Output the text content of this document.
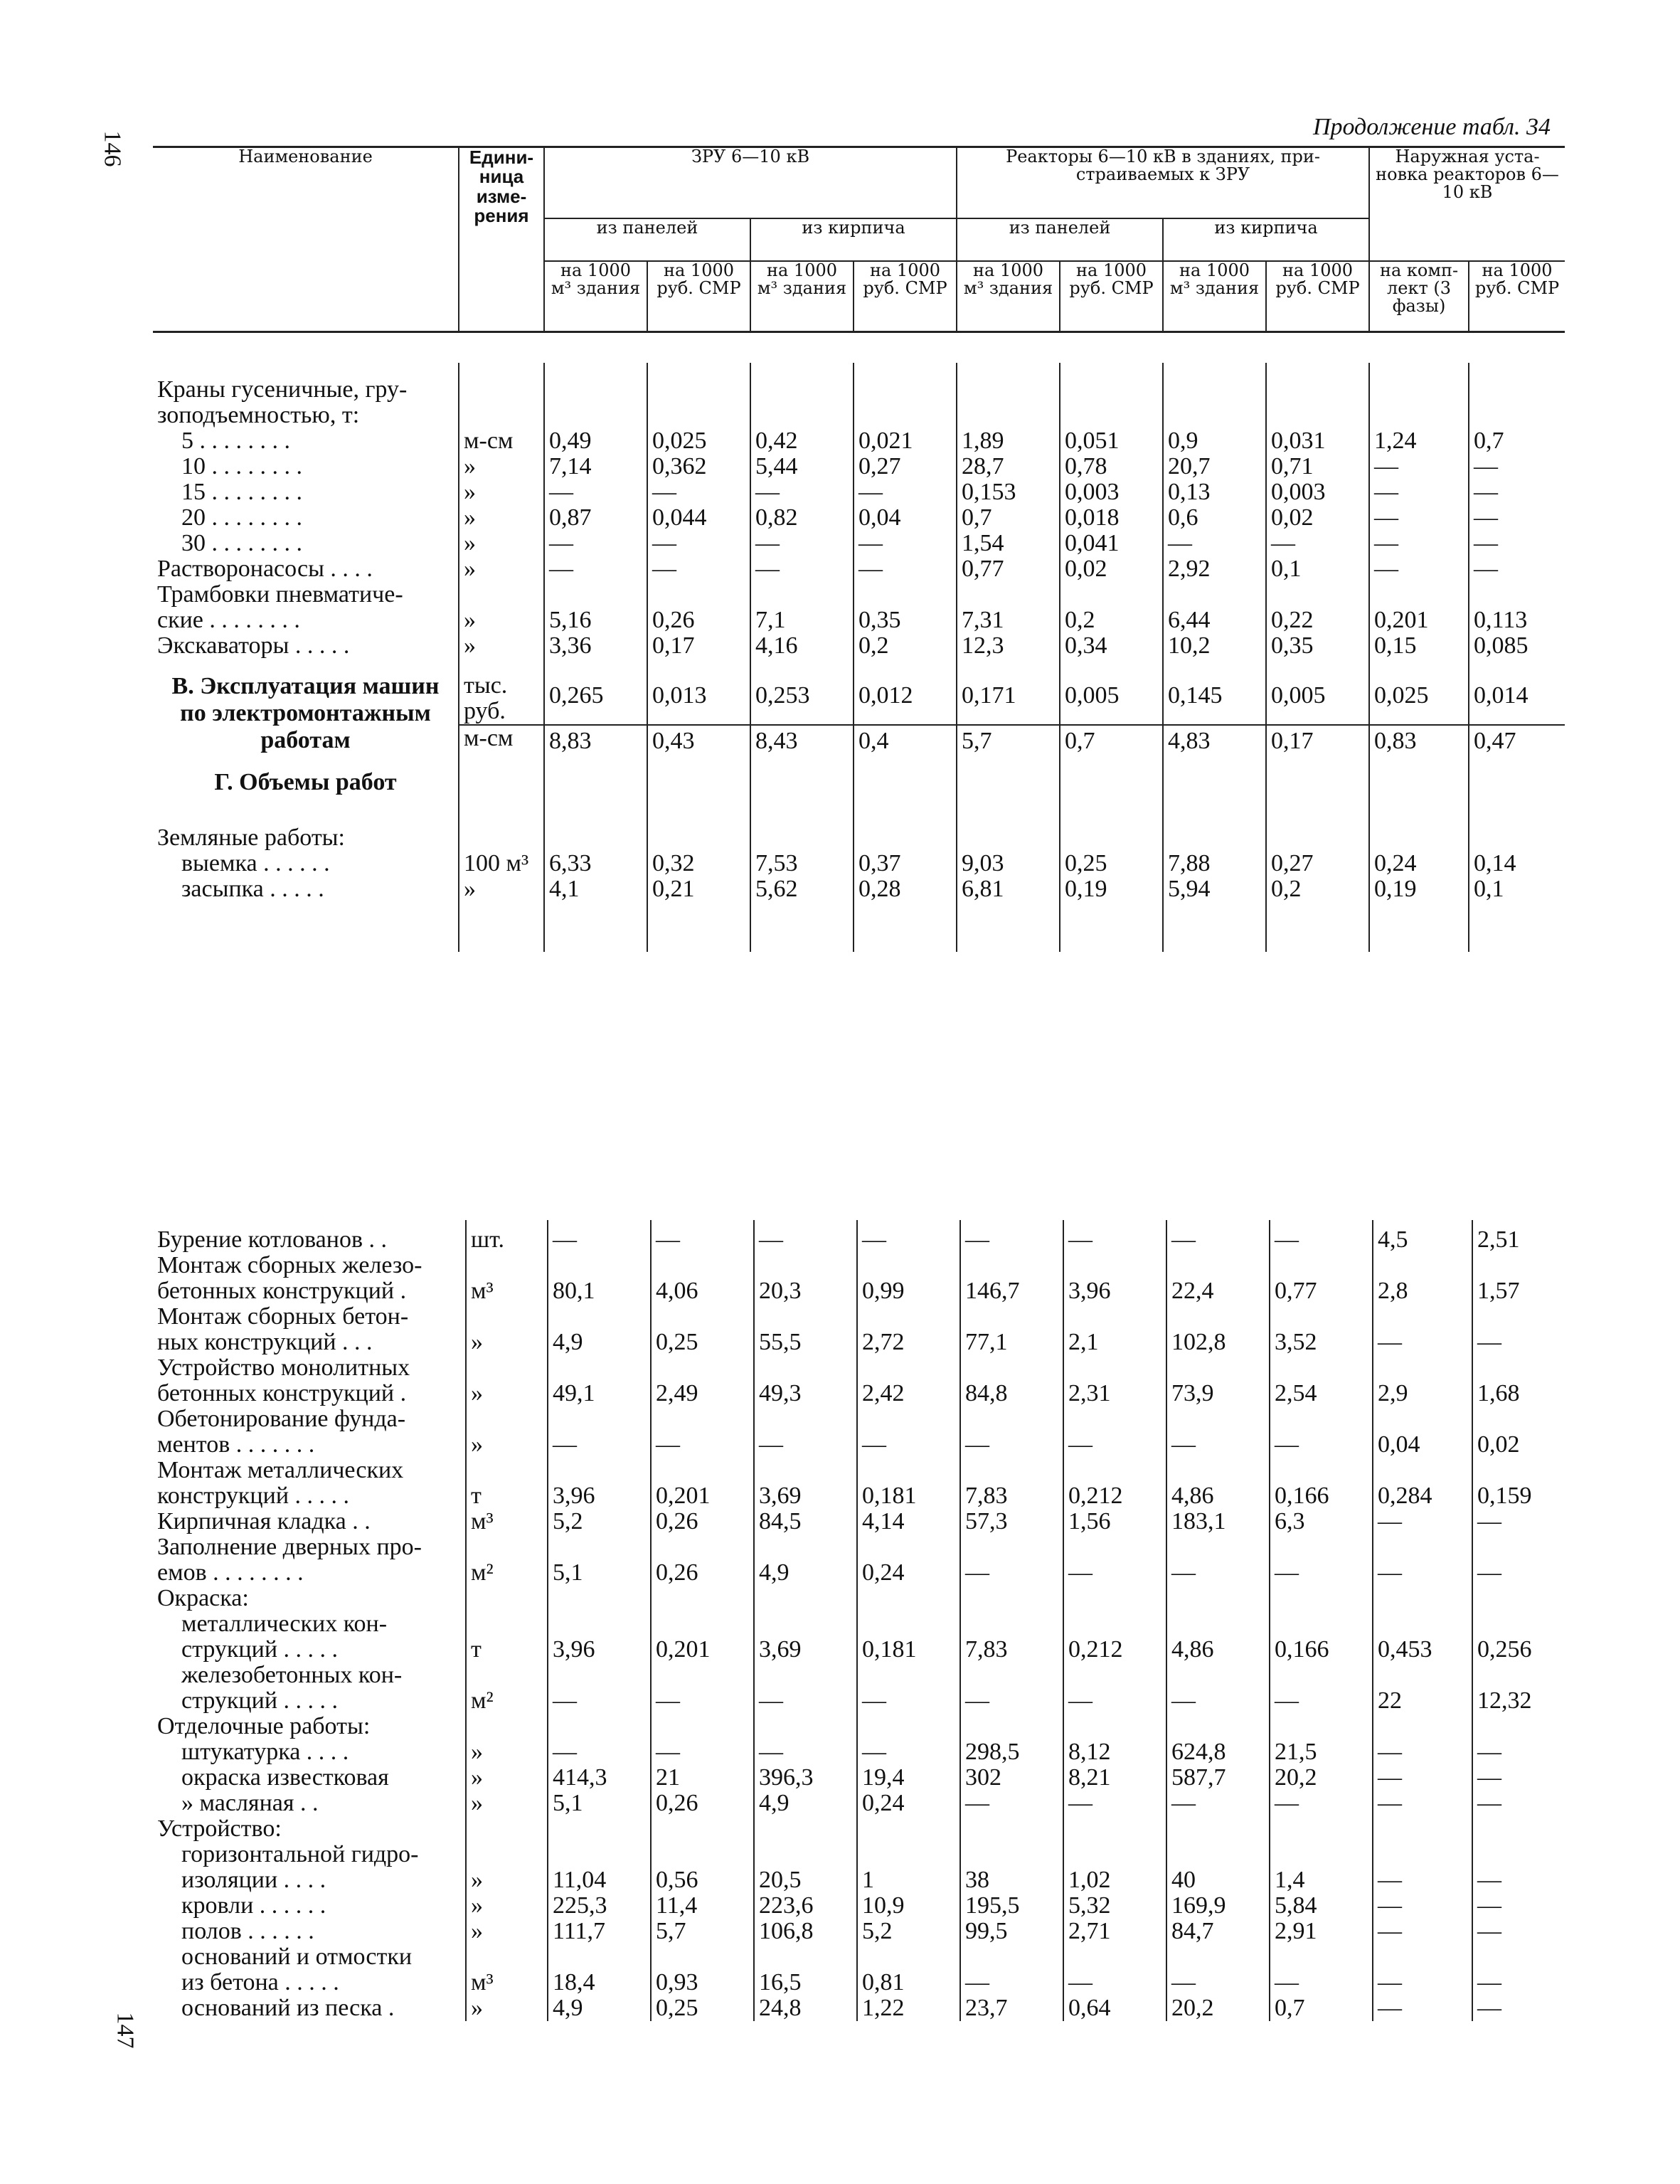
146
Продолжение табл. 34
Наименование	Едини- ница изме- рения	ЗРУ 6—10 кВ				Реакторы 6—10 кВ в зданиях, при- страиваемых к ЗРУ				Наружная уста- новка реакторов 6—10 кВ	
		из панелей		из кирпича		из панелей		из кирпича			
		на 1000 м³ здания	на 1000 руб. СМР	на 1000 м³ здания	на 1000 руб. СМР	на 1000 м³ здания	на 1000 руб. СМР	на 1000 м³ здания	на 1000 руб. СМР	на комп- лект (3 фазы)	на 1000 руб. СМР

Краны гусеничные, гру-											
зоподъемностью, т:											
5 . . . . . . . .	м-см	0,49	0,025	0,42	0,021	1,89	0,051	0,9	0,031	1,24	0,7
10 . . . . . . . .	»	7,14	0,362	5,44	0,27	28,7	0,78	20,7	0,71	—	—
15 . . . . . . . .	»	—	—	—	—	0,153	0,003	0,13	0,003	—	—
20 . . . . . . . .	»	0,87	0,044	0,82	0,04	0,7	0,018	0,6	0,02	—	—
30 . . . . . . . .	»	—	—	—	—	1,54	0,041	—	—	—	—
Растворонасосы . . . .	»	—	—	—	—	0,77	0,02	2,92	0,1	—	—
Трамбовки пневматиче-											
ские . . . . . . . .	»	5,16	0,26	7,1	0,35	7,31	0,2	6,44	0,22	0,201	0,113
Экскаваторы . . . . .	»	3,36	0,17	4,16	0,2	12,3	0,34	10,2	0,35	0,15	0,085

В. Эксплуатация машин по электромонтажным работам	тыс. руб.	0,265	0,013	0,253	0,012	0,171	0,005	0,145	0,005	0,025	0,014
	м-см	8,83	0,43	8,43	0,4	5,7	0,7	4,83	0,17	0,83	0,47
Г. Объемы работ											

Земляные работы:											
выемка . . . . . .	100 м³	6,33	0,32	7,53	0,37	9,03	0,25	7,88	0,27	0,24	0,14
засыпка . . . . .	»	4,1	0,21	5,62	0,28	6,81	0,19	5,94	0,2	0,19	0,1

Бурение котлованов . .	шт.	—	—	—	—	—	—	—	—	4,5	2,51
Монтаж сборных железо-											
бетонных конструкций .	м³	80,1	4,06	20,3	0,99	146,7	3,96	22,4	0,77	2,8	1,57
Монтаж сборных бетон-											
ных конструкций . . .	»	4,9	0,25	55,5	2,72	77,1	2,1	102,8	3,52	—	—
Устройство монолитных											
бетонных конструкций .	»	49,1	2,49	49,3	2,42	84,8	2,31	73,9	2,54	2,9	1,68
Обетонирование фунда-											
ментов . . . . . . .	»	—	—	—	—	—	—	—	—	0,04	0,02
Монтаж металлических											
конструкций . . . . .	т	3,96	0,201	3,69	0,181	7,83	0,212	4,86	0,166	0,284	0,159
Кирпичная кладка . .	м³	5,2	0,26	84,5	4,14	57,3	1,56	183,1	6,3	—	—
Заполнение дверных про-											
емов . . . . . . . .	м²	5,1	0,26	4,9	0,24	—	—	—	—	—	—
Окраска:											
металлических кон-											
струкций . . . . .	т	3,96	0,201	3,69	0,181	7,83	0,212	4,86	0,166	0,453	0,256
железобетонных кон-											
струкций . . . . .	м²	—	—	—	—	—	—	—	—	22	12,32
Отделочные работы:											
штукатурка . . . .	»	—	—	—	—	298,5	8,12	624,8	21,5	—	—
окраска известковая	»	414,3	21	396,3	19,4	302	8,21	587,7	20,2	—	—
» масляная . .	»	5,1	0,26	4,9	0,24	—	—	—	—	—	—
Устройство:											
горизонтальной гидро-											
изоляции . . . .	»	11,04	0,56	20,5	1	38	1,02	40	1,4	—	—
кровли . . . . . .	»	225,3	11,4	223,6	10,9	195,5	5,32	169,9	5,84	—	—
полов . . . . . .	»	111,7	5,7	106,8	5,2	99,5	2,71	84,7	2,91	—	—
оснований и отмостки											
из бетона . . . . .	м³	18,4	0,93	16,5	0,81	—	—	—	—	—	—
оснований из песка .	»	4,9	0,25	24,8	1,22	23,7	0,64	20,2	0,7	—	—
147
